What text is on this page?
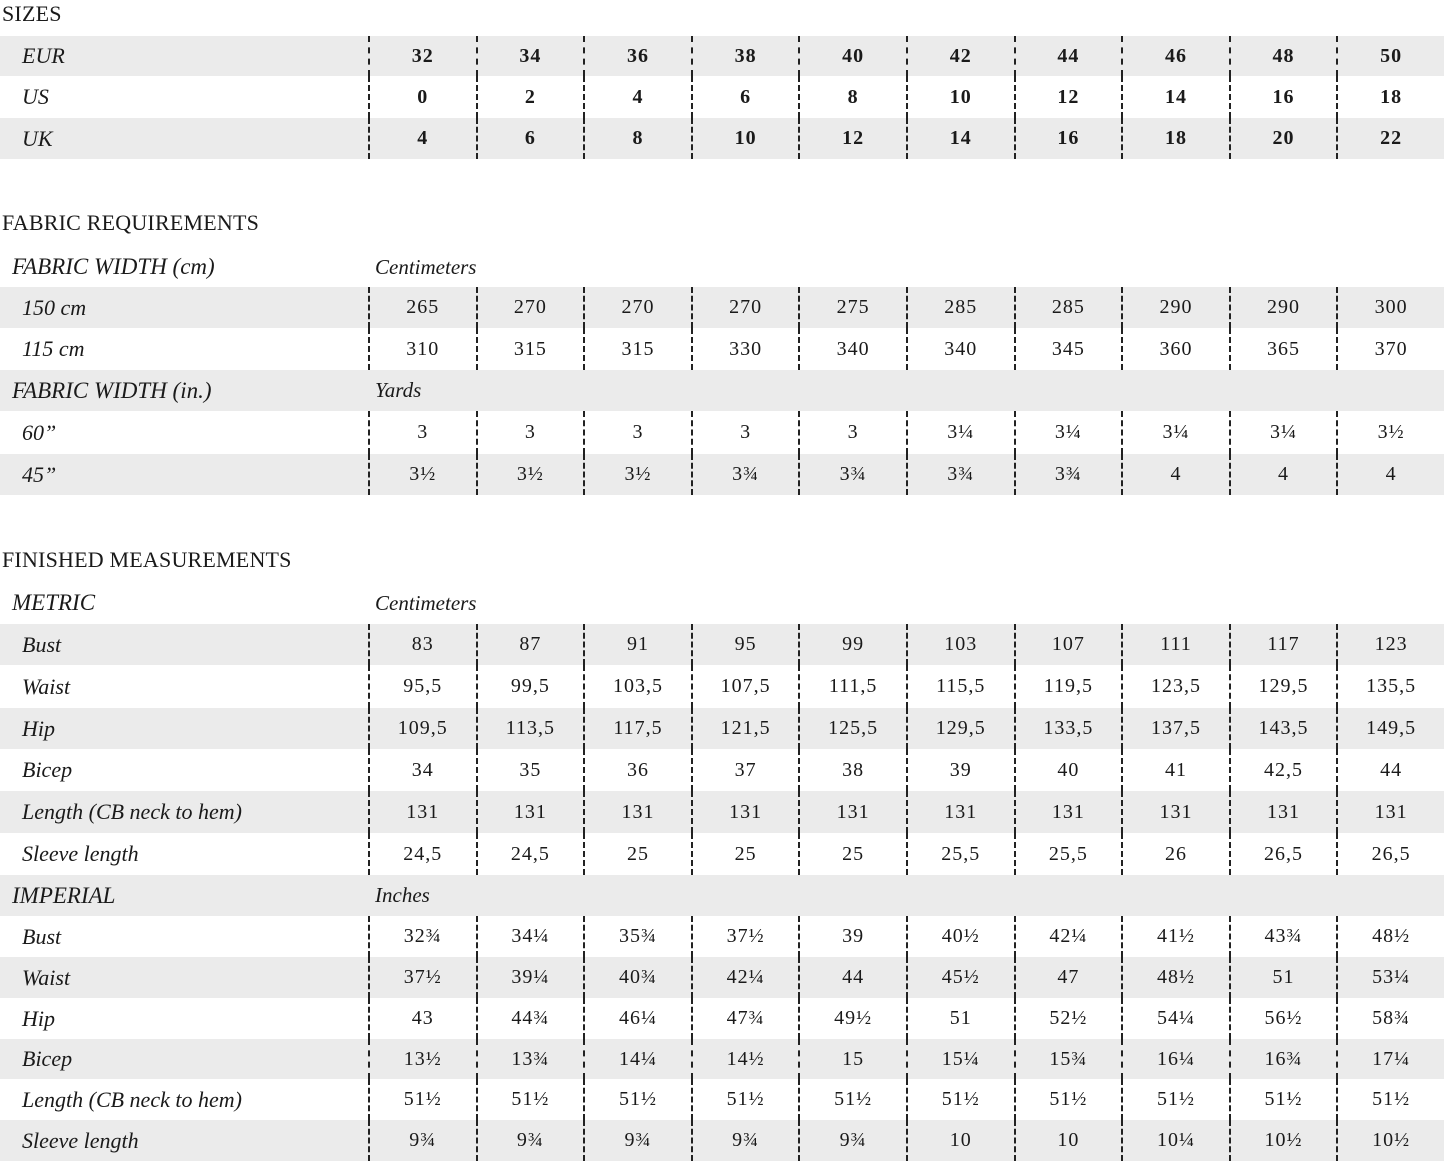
SIZES
EUR	32	34	36	38	40	42	44	46	48	50
US	0	2	4	6	8	10	12	14	16	18
UK	4	6	8	10	12	14	16	18	20	22
FABRIC REQUIREMENTS
FABRIC WIDTH (cm)	Centimeters
150 cm	265	270	270	270	275	285	285	290	290	300
115 cm	310	315	315	330	340	340	345	360	365	370
FABRIC WIDTH (in.)	Yards
60”	3	3	3	3	3	3¼	3¼	3¼	3¼	3½
45”	3½	3½	3½	3¾	3¾	3¾	3¾	4	4	4
FINISHED MEASUREMENTS
METRIC	Centimeters
Bust	83	87	91	95	99	103	107	111	117	123
Waist	95,5	99,5	103,5	107,5	111,5	115,5	119,5	123,5	129,5	135,5
Hip	109,5	113,5	117,5	121,5	125,5	129,5	133,5	137,5	143,5	149,5
Bicep	34	35	36	37	38	39	40	41	42,5	44
Length (CB neck to hem)	131	131	131	131	131	131	131	131	131	131
Sleeve length	24,5	24,5	25	25	25	25,5	25,5	26	26,5	26,5
IMPERIAL	Inches
Bust	32¾	34¼	35¾	37½	39	40½	42¼	41½	43¾	48½
Waist	37½	39¼	40¾	42¼	44	45½	47	48½	51	53¼
Hip	43	44¾	46¼	47¾	49½	51	52½	54¼	56½	58¾
Bicep	13½	13¾	14¼	14½	15	15¼	15¾	16¼	16¾	17¼
Length (CB neck to hem)	51½	51½	51½	51½	51½	51½	51½	51½	51½	51½
Sleeve length	9¾	9¾	9¾	9¾	9¾	10	10	10¼	10½	10½
